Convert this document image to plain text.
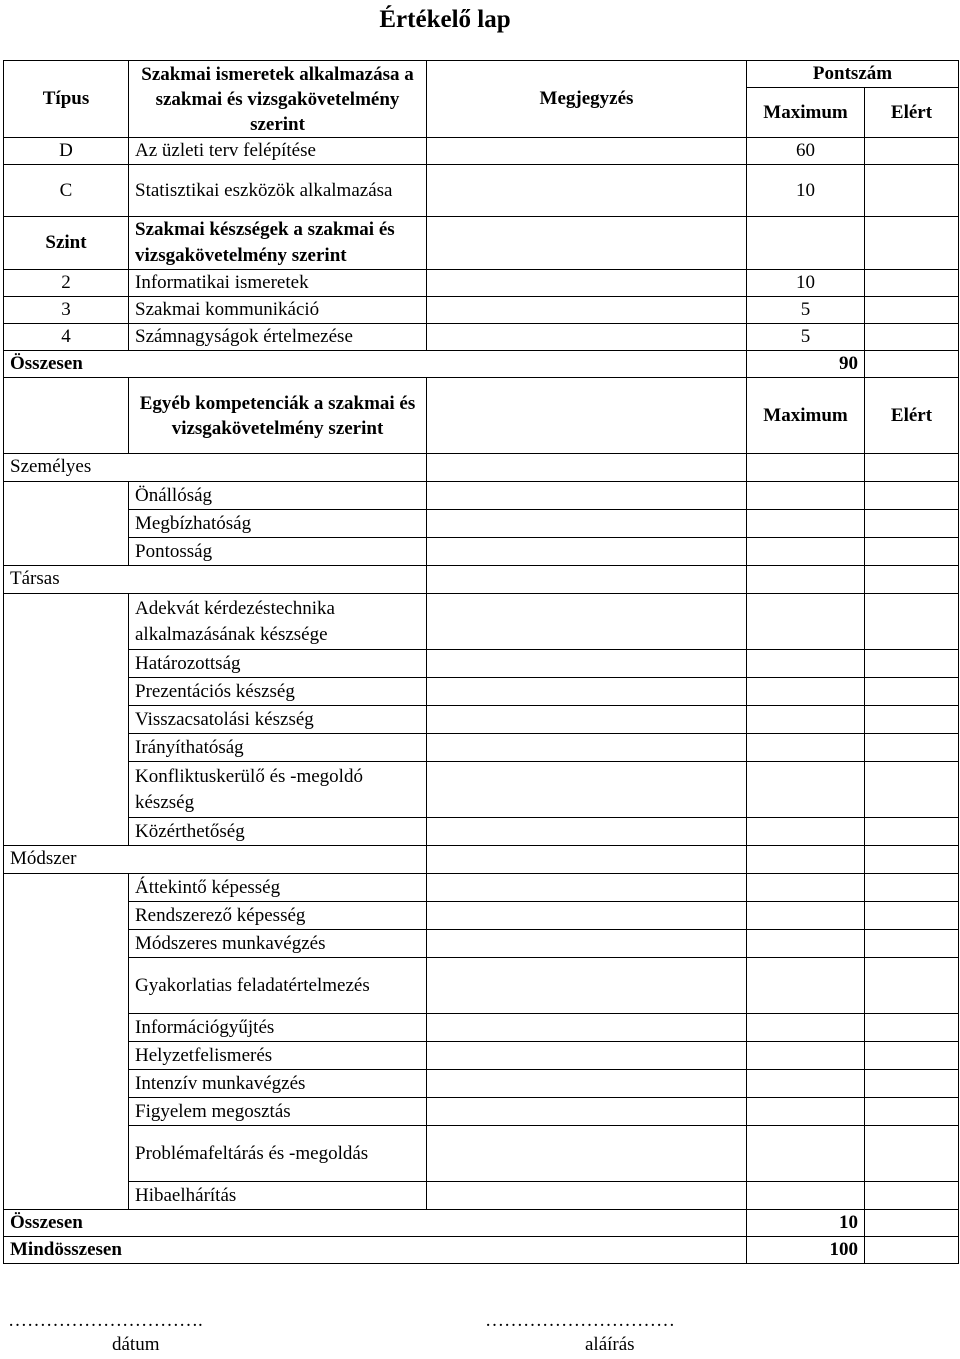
Értékelő lap
Típus	Szakmai ismeretek alkalmazása a szakmai és vizsgakövetelmény szerint	Megjegyzés	Pontszám	
			Maximum	Elért
D	Az üzleti terv felépítése		60	
C	Statisztikai eszközök alkalmazása		10	
Szint	Szakmai készségek a szakmai és vizsgakövetelmény szerint			
2	Informatikai ismeretek		10	
3	Szakmai kommunikáció		5	
4	Számnagyságok értelmezése		5	
Összesen			90	
	Egyéb kompetenciák a szakmai és vizsgakövetelmény szerint		Maximum	Elért
Személyes				
	Önállóság			
	Megbízhatóság			
	Pontosság			
Társas				
	Adekvát kérdezéstechnika alkalmazásának készsége			
	Határozottság			
	Prezentációs készség			
	Visszacsatolási készség			
	Irányíthatóság			
	Konfliktuskerülő és -megoldó készség			
	Közérthetőség			
Módszer				
	Áttekintő képesség			
	Rendszerező képesség			
	Módszeres munkavégzés			
	Gyakorlatias feladatértelmezés			
	Információgyűjtés			
	Helyzetfelismerés			
	Intenzív munkavégzés			
	Figyelem megosztás			
	Problémafeltárás és -megoldás			
	Hibaelhárítás			
Összesen			10	
Mindösszesen			100	
………………………….	…………………………
dátum	aláírás
